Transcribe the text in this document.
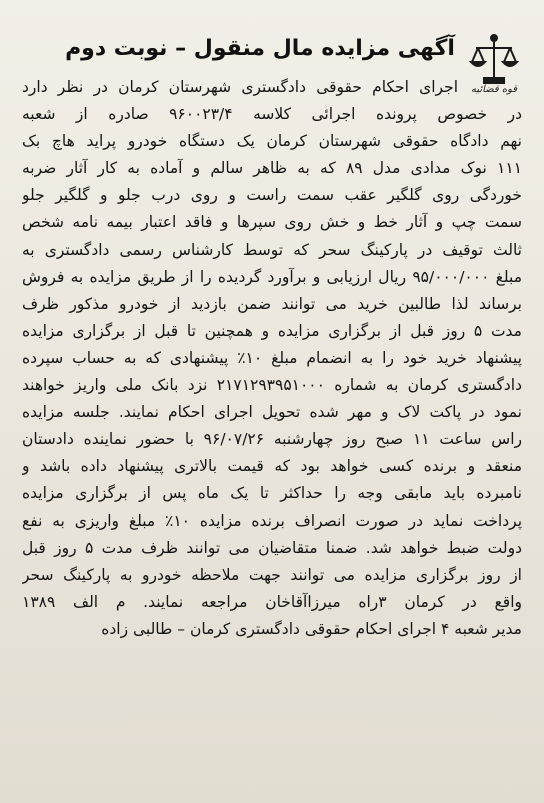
قوه قضائیه
آگهی مزایده مال منقول – نوبت دوم
اجرای احکام حقوقی دادگستری شهرستان کرمان در نظر دارد
در خصوص پرونده اجرائی کلاسه ۹۶۰۰۲۳/۴ صادره از شعبه
نهم دادگاه حقوقی شهرستان کرمان یک دستگاه خودرو پراید هاچ بک
۱۱۱ نوک مدادی مدل ۸۹ که به ظاهر سالم و آماده به کار آثار ضربه
خوردگی روی گلگیر عقب سمت راست و روی درب جلو و گلگیر جلو
سمت چپ و آثار خط و خش روی سپرها و فاقد اعتبار بیمه نامه شخص
ثالث توقیف در پارکینگ سحر که توسط کارشناس رسمی دادگستری به
مبلغ ۹۵/۰۰۰/۰۰۰ ریال ارزیابی و برآورد گردیده را از طریق مزایده به فروش
برساند لذا طالبین خرید می توانند ضمن بازدید از خودرو مذکور ظرف
مدت ۵ روز قبل از برگزاری مزایده و همچنین تا قبل از برگزاری مزایده
پیشنهاد خرید خود را به انضمام مبلغ ۱۰٪ پیشنهادی که به حساب سپرده
دادگستری کرمان به شماره ۲۱۷۱۲۹۳۹۵۱۰۰۰ نزد بانک ملی واریز خواهند
نمود در پاکت لاک و مهر شده تحویل اجرای احکام نمایند. جلسه مزایده
راس ساعت ۱۱ صبح روز چهارشنبه ۹۶/۰۷/۲۶ با حضور نماینده دادستان
منعقد و برنده کسی خواهد بود که قیمت بالاتری پیشنهاد داده باشد و
نامبرده باید مابقی وجه را حداکثر تا یک ماه پس از برگزاری مزایده
پرداخت نماید در صورت انصراف برنده مزایده ۱۰٪ مبلغ واریزی به نفع
دولت ضبط خواهد شد. ضمنا متقاضیان می توانند ظرف مدت ۵ روز قبل
از روز برگزاری مزایده می توانند جهت ملاحظه خودرو به پارکینگ سحر
واقع در کرمان ۳راه میرزاآقاخان مراجعه نمایند. م الف ۱۳۸۹
مدیر شعبه ۴ اجرای احکام حقوقی دادگستری کرمان – طالبی زاده
